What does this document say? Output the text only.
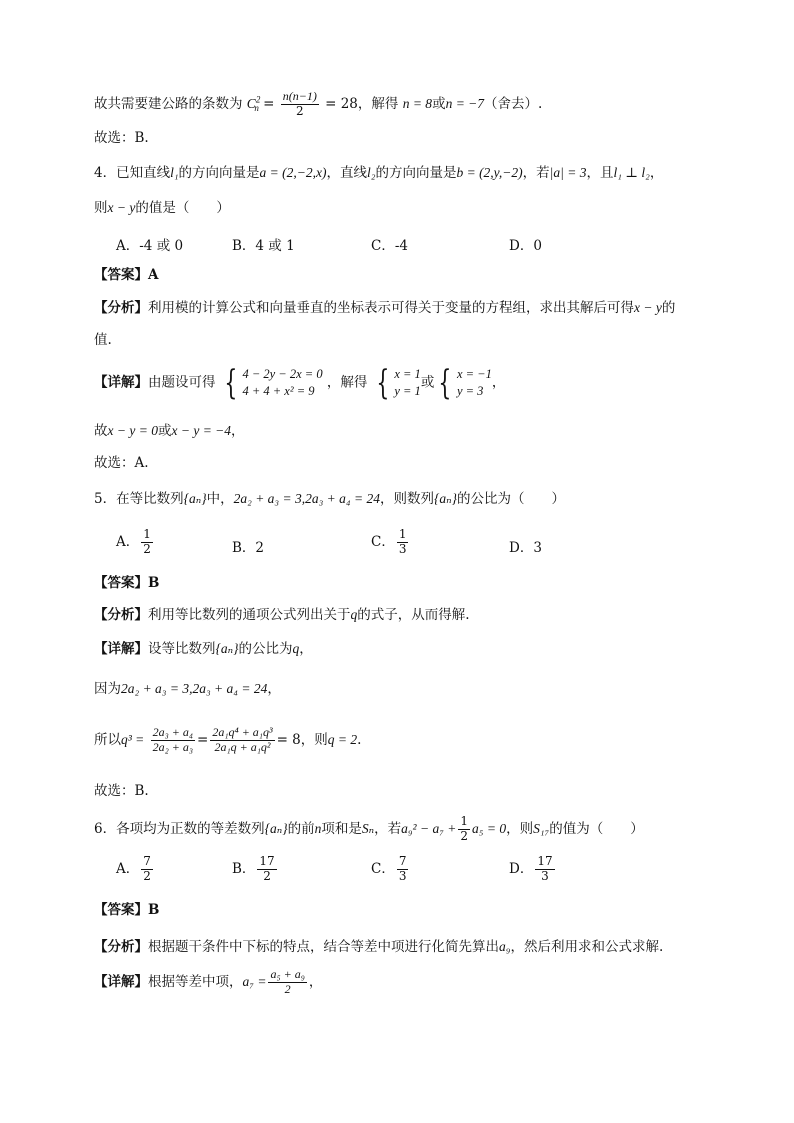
故共需要建公路的条数为 $C^2_n = \frac{n(n-1)}{2} = 28$，解得 n = 8或n = −7（舍去）.
故选：B.
4．已知直线l₁的方向向量是a = (2,−2,x)，直线l₂的方向向量是b = (2,y,−2)，若|a| = 3，且l₁ ⊥ l₂，
则x − y的值是（　　）
A．-4 或 0	B．4 或 1	C．-4	D．0
【答案】A
【分析】利用模的计算公式和向量垂直的坐标表示可得关于变量的方程组，求出其解后可得x − y的
值.
【详解】由题设可得 { 4 − 2y − 2x = 0
4 + 4 + x² = 9
，解得 { x = 1
y = 1
或 { x = −1
y = 3
，
故x − y = 0或x − y = −4，
故选：A.
5．在等比数列{aₙ}中，2a₂ + a₃ = 3,2a₃ + a₄ = 24，则数列{aₙ}的公比为（　　）
A． $\frac{1}{2}$	B．2	C． $\frac{1}{3}$	D．3
【答案】B
【分析】利用等比数列的通项公式列出关于q的式子，从而得解.
【详解】设等比数列{aₙ}的公比为q，
因为2a₂ + a₃ = 3,2a₃ + a₄ = 24，
所以$q^3 = \frac{\text{2a₃ + a₄}}{\text{2a₂ + a₃}} = \frac{\text{2a₁q⁴ + a₁q³}}{\text{2a₁q + a₁q²}} = 8$，则q = 2.
故选：B.
6．各项均为正数的等差数列{aₙ}的前n项和是Sₙ，若$a_9^2 - a_7 + \frac{1}{2} a_5 = 0$，则S₁₇的值为（　　）
A． $\frac{7}{2}$	B． $\frac{17}{2}$	C． $\frac{7}{3}$	D． $\frac{17}{3}$
【答案】B
【分析】根据题干条件中下标的特点，结合等差中项进行化简先算出a₉，然后利用求和公式求解.
【详解】根据等差中项，$a_7 = \frac{\text{a₅ + a₉}}{2}$ ，
